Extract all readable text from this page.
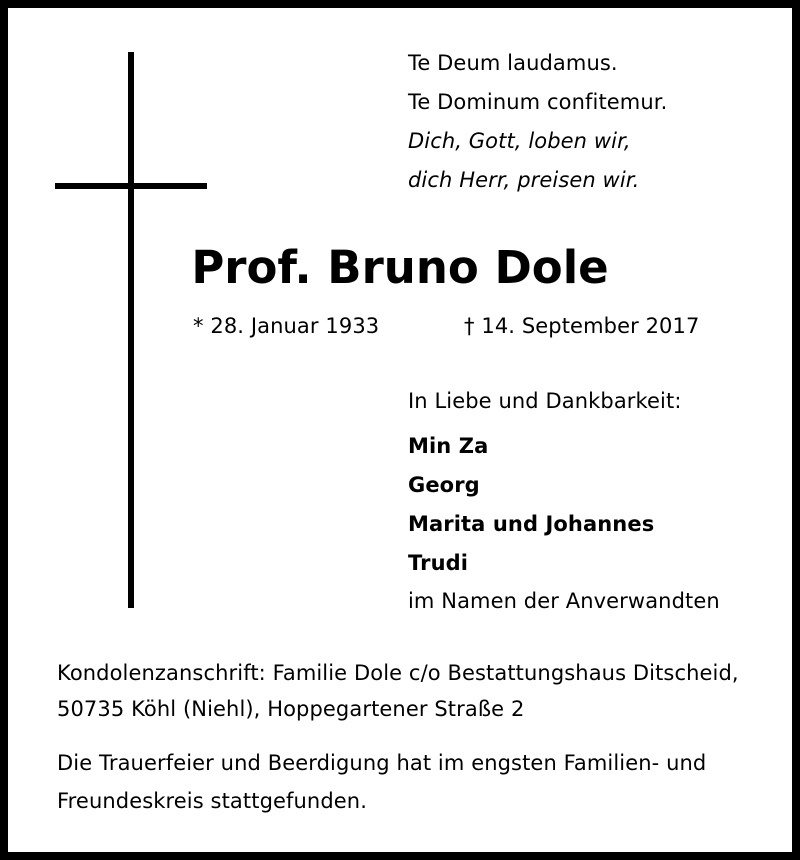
Te Deum laudamus.
Te Dominum confitemur.
Dich, Gott, loben wir,
dich Herr, preisen wir.
Prof. Bruno Dole
* 28. Januar 1933	† 14. September 2017
In Liebe und Dankbarkeit:
Min Za
Georg
Marita und Johannes
Trudi
im Namen der Anverwandten
Kondolenzanschrift: Familie Dole c/o Bestattungshaus Ditscheid,
50735 Köhl (Niehl), Hoppegartener Straße 2
Die Trauerfeier und Beerdigung hat im engsten Familien- und
Freundeskreis stattgefunden.
